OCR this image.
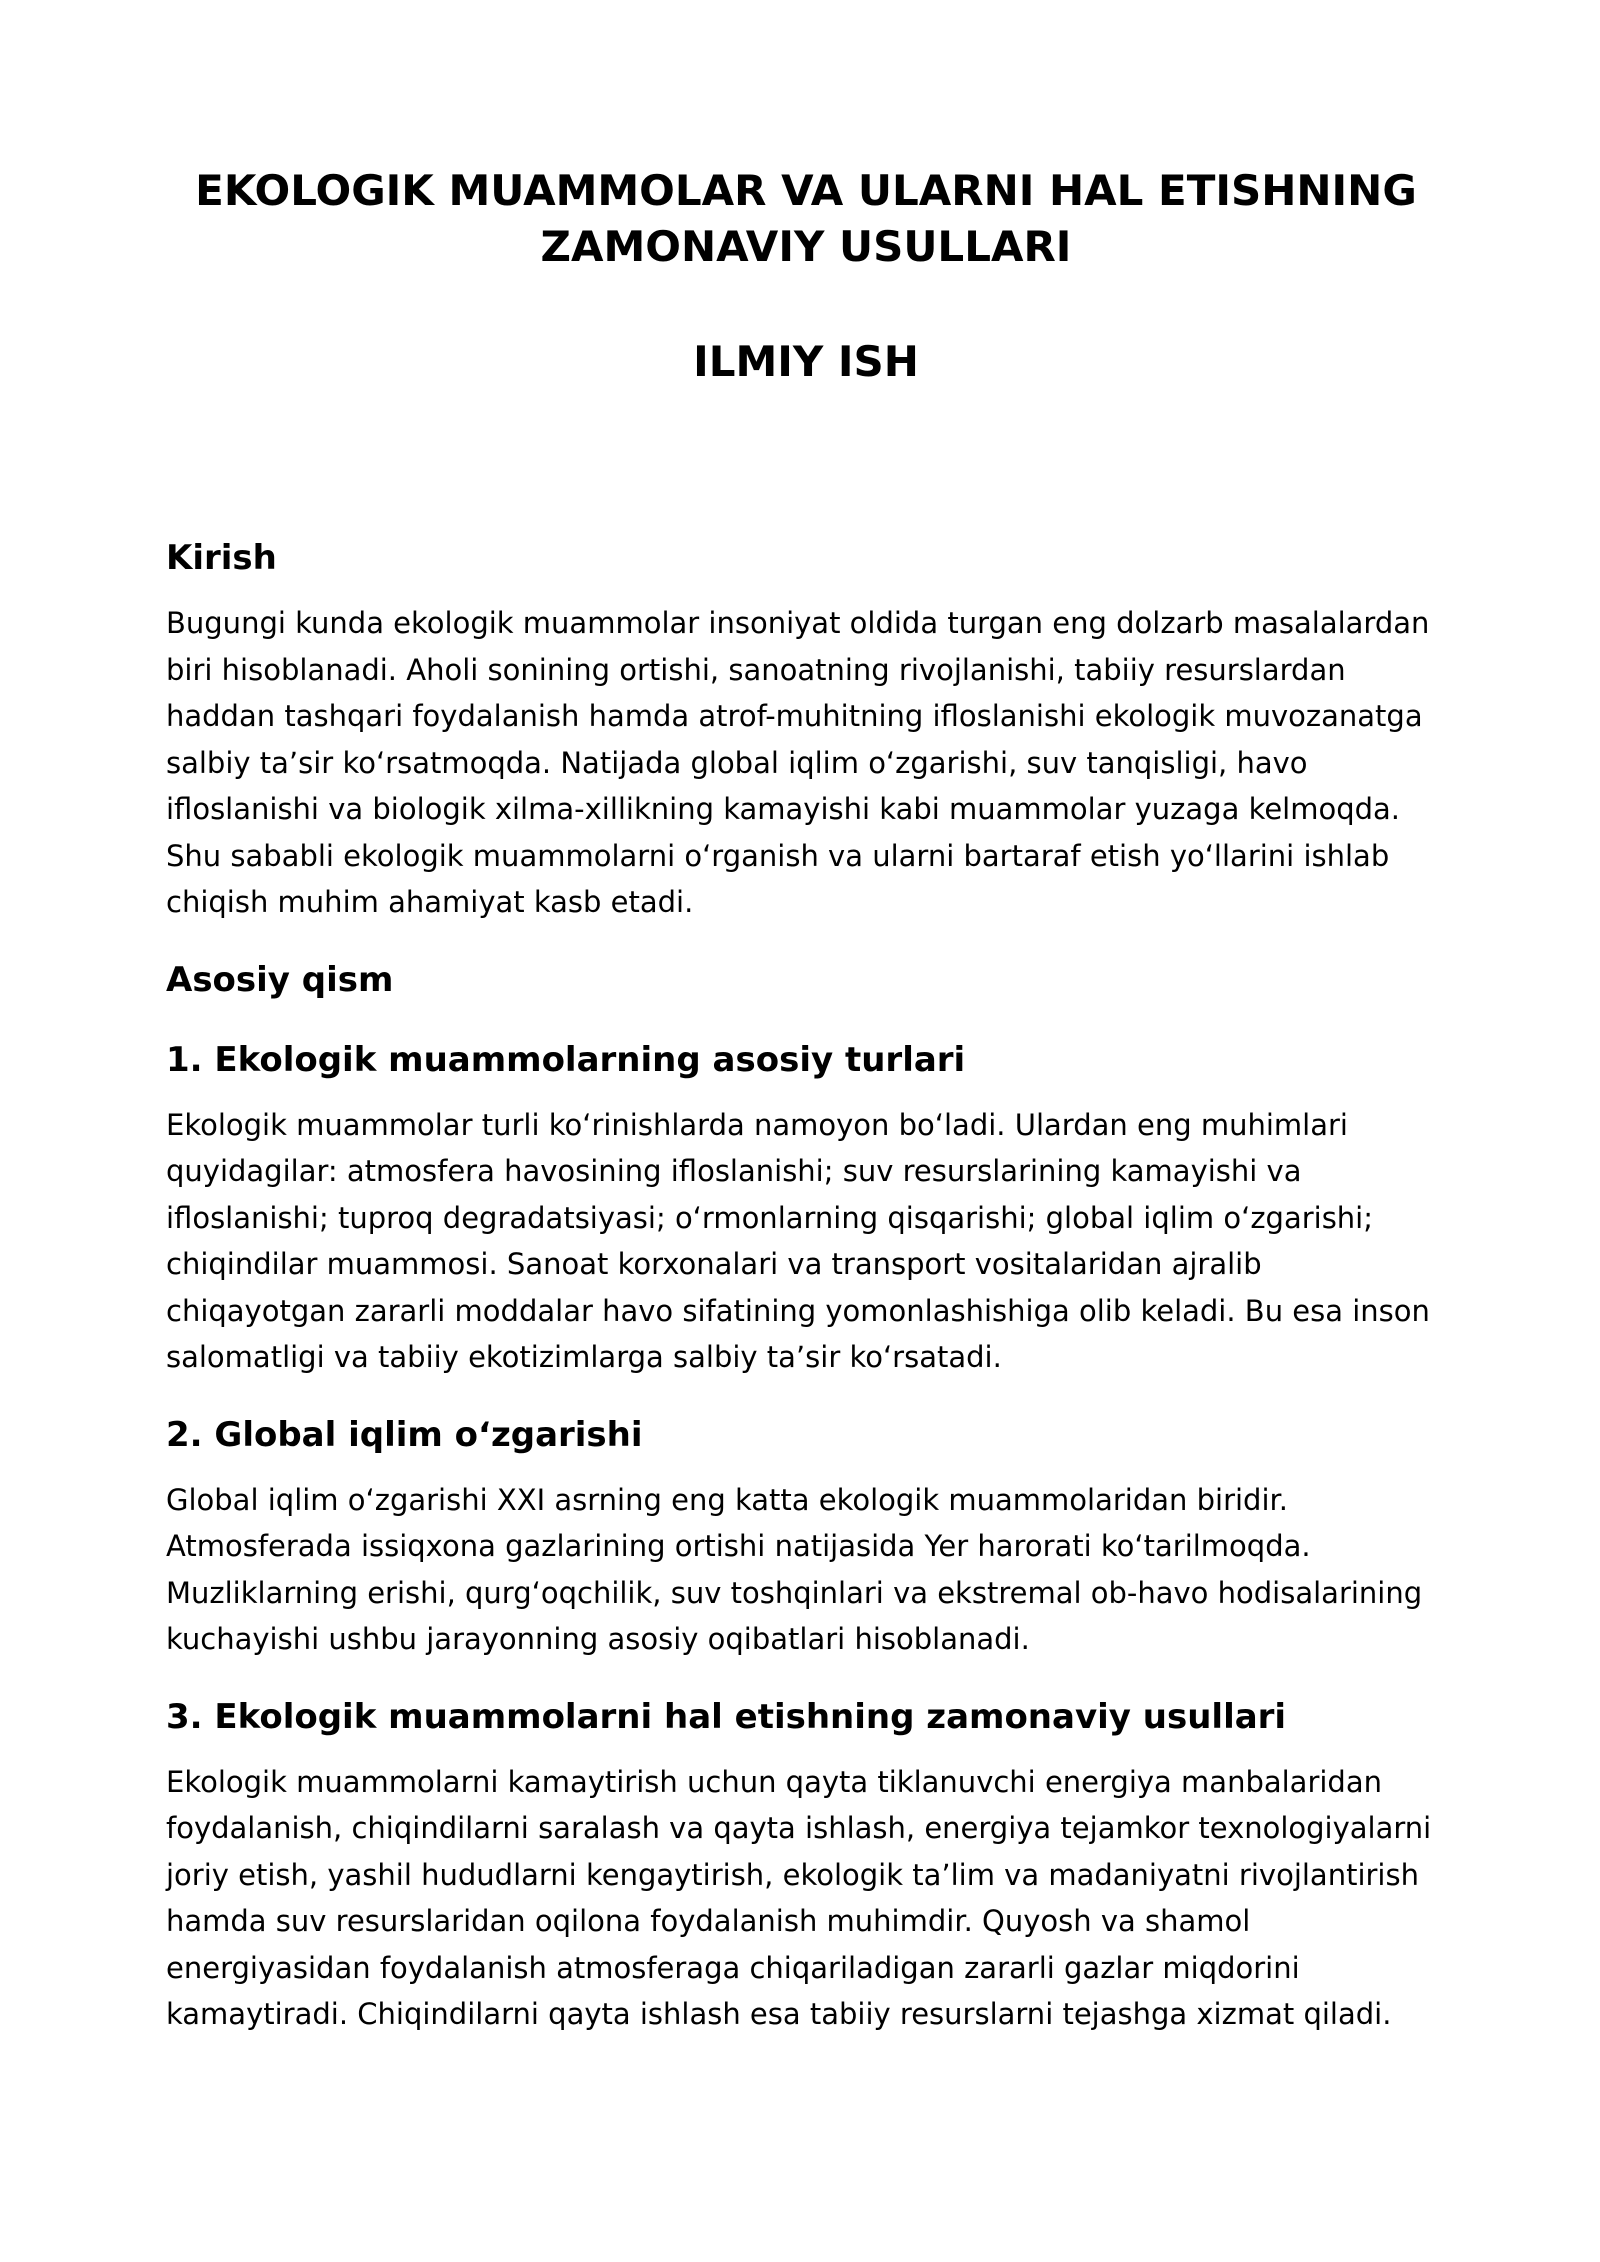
EKOLOGIK MUAMMOLAR VA ULARNI HAL ETISHNING
ZAMONAVIY USULLARI
ILMIY ISH
Kirish

Bugungi kunda ekologik muammolar insoniyat oldida turgan eng dolzarb masalalardan biri hisoblanadi. Aholi sonining ortishi, sanoatning rivojlanishi, tabiiy resurslardan haddan tashqari foydalanish hamda atrof-muhitning ifloslanishi ekologik muvozanatga salbiy ta’sir ko‘rsatmoqda. Natijada global iqlim o‘zgarishi, suv tanqisligi, havo ifloslanishi va biologik xilma-xillikning kamayishi kabi muammolar yuzaga kelmoqda. Shu sababli ekologik muammolarni o‘rganish va ularni bartaraf etish yo‘llarini ishlab chiqish muhim ahamiyat kasb etadi.

Asosiy qism
1. Ekologik muammolarning asosiy turlari

Ekologik muammolar turli ko‘rinishlarda namoyon bo‘ladi. Ulardan eng muhimlari quyidagilar: atmosfera havosining ifloslanishi; suv resurslarining kamayishi va ifloslanishi; tuproq degradatsiyasi; o‘rmonlarning qisqarishi; global iqlim o‘zgarishi; chiqindilar muammosi. Sanoat korxonalari va transport vositalaridan ajralib chiqayotgan zararli moddalar havo sifatining yomonlashishiga olib keladi. Bu esa inson salomatligi va tabiiy ekotizimlarga salbiy ta’sir ko‘rsatadi.

2. Global iqlim o‘zgarishi

Global iqlim o‘zgarishi XXI asrning eng katta ekologik muammolaridan biridir. Atmosferada issiqxona gazlarining ortishi natijasida Yer harorati ko‘tarilmoqda. Muzliklarning erishi, qurg‘oqchilik, suv toshqinlari va ekstremal ob-havo hodisalarining kuchayishi ushbu jarayonning asosiy oqibatlari hisoblanadi.

3. Ekologik muammolarni hal etishning zamonaviy usullari

Ekologik muammolarni kamaytirish uchun qayta tiklanuvchi energiya manbalaridan foydalanish, chiqindilarni saralash va qayta ishlash, energiya tejamkor texnologiyalarni joriy etish, yashil hududlarni kengaytirish, ekologik ta’lim va madaniyatni rivojlantirish hamda suv resurslaridan oqilona foydalanish muhimdir. Quyosh va shamol energiyasidan foydalanish atmosferaga chiqariladigan zararli gazlar miqdorini kamaytiradi. Chiqindilarni qayta ishlash esa tabiiy resurslarni tejashga xizmat qiladi.
